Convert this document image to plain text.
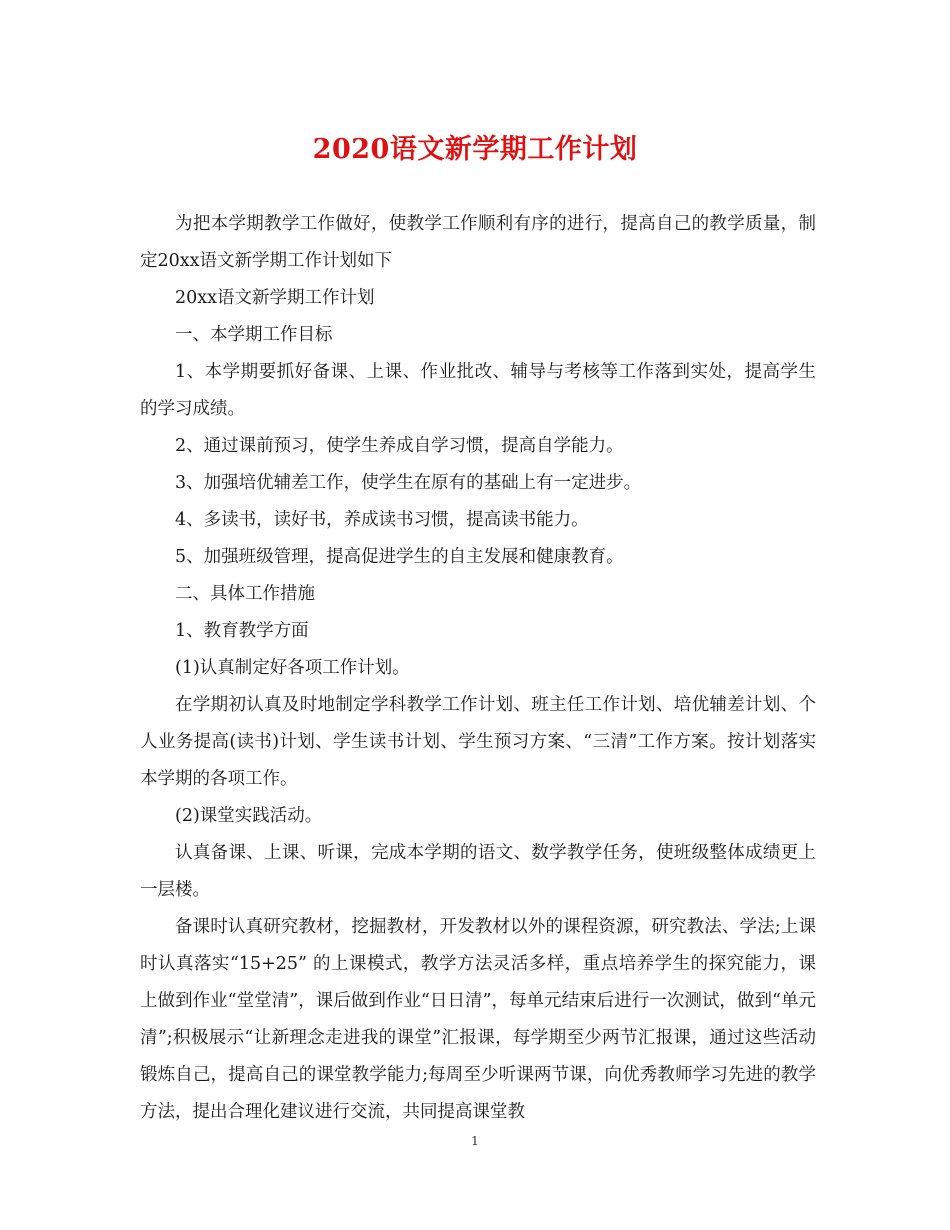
2020语文新学期工作计划

为把本学期教学工作做好，使教学工作顺利有序的进行，提高自己的教学质量，制定20xx语文新学期工作计划如下

20xx语文新学期工作计划

一、本学期工作目标

1、本学期要抓好备课、上课、作业批改、辅导与考核等工作落到实处，提高学生的学习成绩。

2、通过课前预习，使学生养成自学习惯，提高自学能力。

3、加强培优辅差工作，使学生在原有的基础上有一定进步。

4、多读书，读好书，养成读书习惯，提高读书能力。

5、加强班级管理，提高促进学生的自主发展和健康教育。

二、具体工作措施

1、教育教学方面

(1)认真制定好各项工作计划。

在学期初认真及时地制定学科教学工作计划、班主任工作计划、培优辅差计划、个人业务提高(读书)计划、学生读书计划、学生预习方案、“三清”工作方案。按计划落实本学期的各项工作。

(2)课堂实践活动。

认真备课、上课、听课，完成本学期的语文、数学教学任务，使班级整体成绩更上一层楼。

备课时认真研究教材，挖掘教材，开发教材以外的课程资源，研究教法、学法;上课时认真落实“15+25” 的上课模式，教学方法灵活多样，重点培养学生的探究能力，课上做到作业“堂堂清”，课后做到作业“日日清”，每单元结束后进行一次测试，做到“单元清”;积极展示“让新理念走进我的课堂”汇报课，每学期至少两节汇报课，通过这些活动锻炼自己，提高自己的课堂教学能力;每周至少听课两节课，向优秀教师学习先进的教学方法，提出合理化建议进行交流，共同提高课堂教

1
